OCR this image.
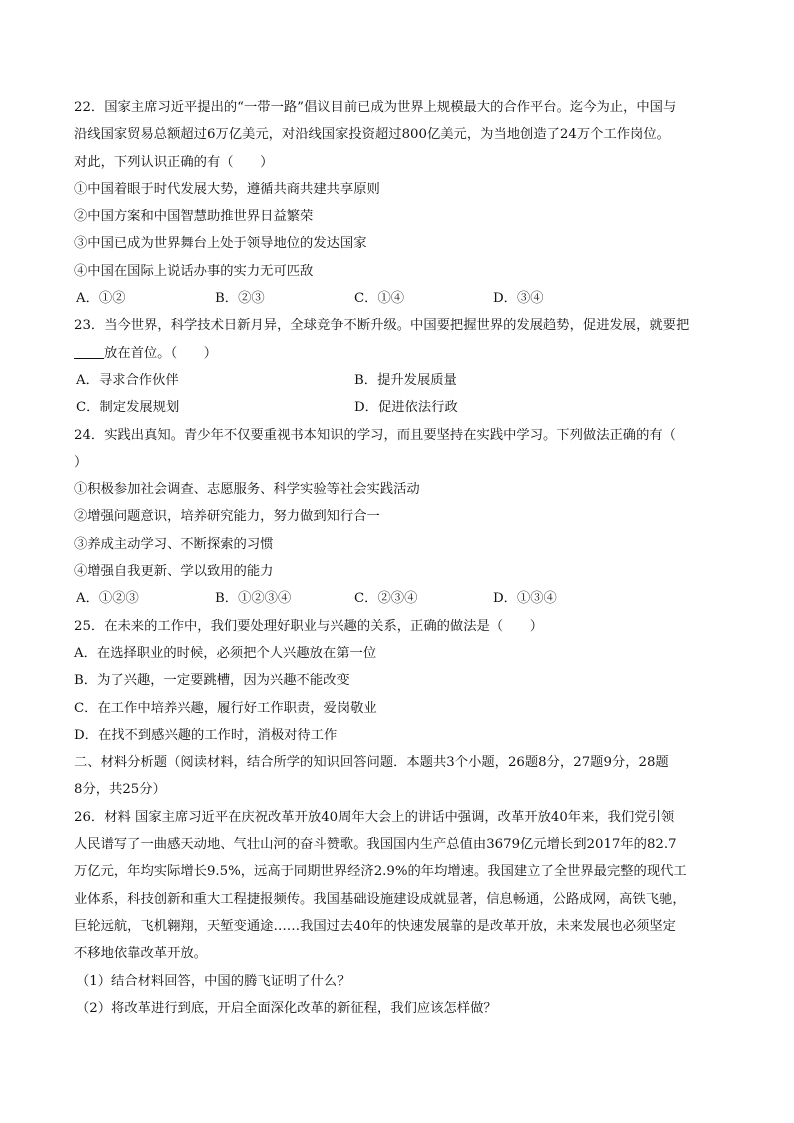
22．国家主席习近平提出的“一带一路”倡议目前已成为世界上规模最大的合作平台。迄今为止，中国与
沿线国家贸易总额超过6万亿美元，对沿线国家投资超过800亿美元，为当地创造了24万个工作岗位。
对此，下列认识正确的有（　　）
①中国着眼于时代发展大势，遵循共商共建共享原则
②中国方案和中国智慧助推世界日益繁荣
③中国已成为世界舞台上处于领导地位的发达国家
④中国在国际上说话办事的实力无可匹敌
A．①②	B．②③	C．①④	D．③④
23．当今世界，科学技术日新月异，全球竞争不断升级。中国要把握世界的发展趋势，促进发展，就要把
放在首位。（　　）
A．寻求合作伙伴	B．提升发展质量
C．制定发展规划	D．促进依法行政
24．实践出真知。青少年不仅要重视书本知识的学习，而且要坚持在实践中学习。下列做法正确的有（
）
①积极参加社会调查、志愿服务、科学实验等社会实践活动
②增强问题意识，培养研究能力，努力做到知行合一
③养成主动学习、不断探索的习惯
④增强自我更新、学以致用的能力
A．①②③	B．①②③④	C．②③④	D．①③④
25．在未来的工作中，我们要处理好职业与兴趣的关系，正确的做法是（　　）
A．在选择职业的时候，必须把个人兴趣放在第一位
B．为了兴趣，一定要跳槽，因为兴趣不能改变
C．在工作中培养兴趣，履行好工作职责，爱岗敬业
D．在找不到感兴趣的工作时，消极对待工作
二、材料分析题（阅读材料，结合所学的知识回答问题．本题共3个小题，26题8分，27题9分，28题
8分，共25分）
26．材料 国家主席习近平在庆祝改革开放40周年大会上的讲话中强调，改革开放40年来，我们党引领
人民谱写了一曲感天动地、气壮山河的奋斗赞歌。我国国内生产总值由3679亿元增长到2017年的82.7
万亿元，年均实际增长9.5%，远高于同期世界经济2.9%的年均增速。我国建立了全世界最完整的现代工
业体系，科技创新和重大工程捷报频传。我国基础设施建设成就显著，信息畅通，公路成网，高铁飞驰，
巨轮远航，飞机翱翔，天堑变通途……我国过去40年的快速发展靠的是改革开放，未来发展也必须坚定
不移地依靠改革开放。
（1）结合材料回答，中国的腾飞证明了什么？
（2）将改革进行到底，开启全面深化改革的新征程，我们应该怎样做？
